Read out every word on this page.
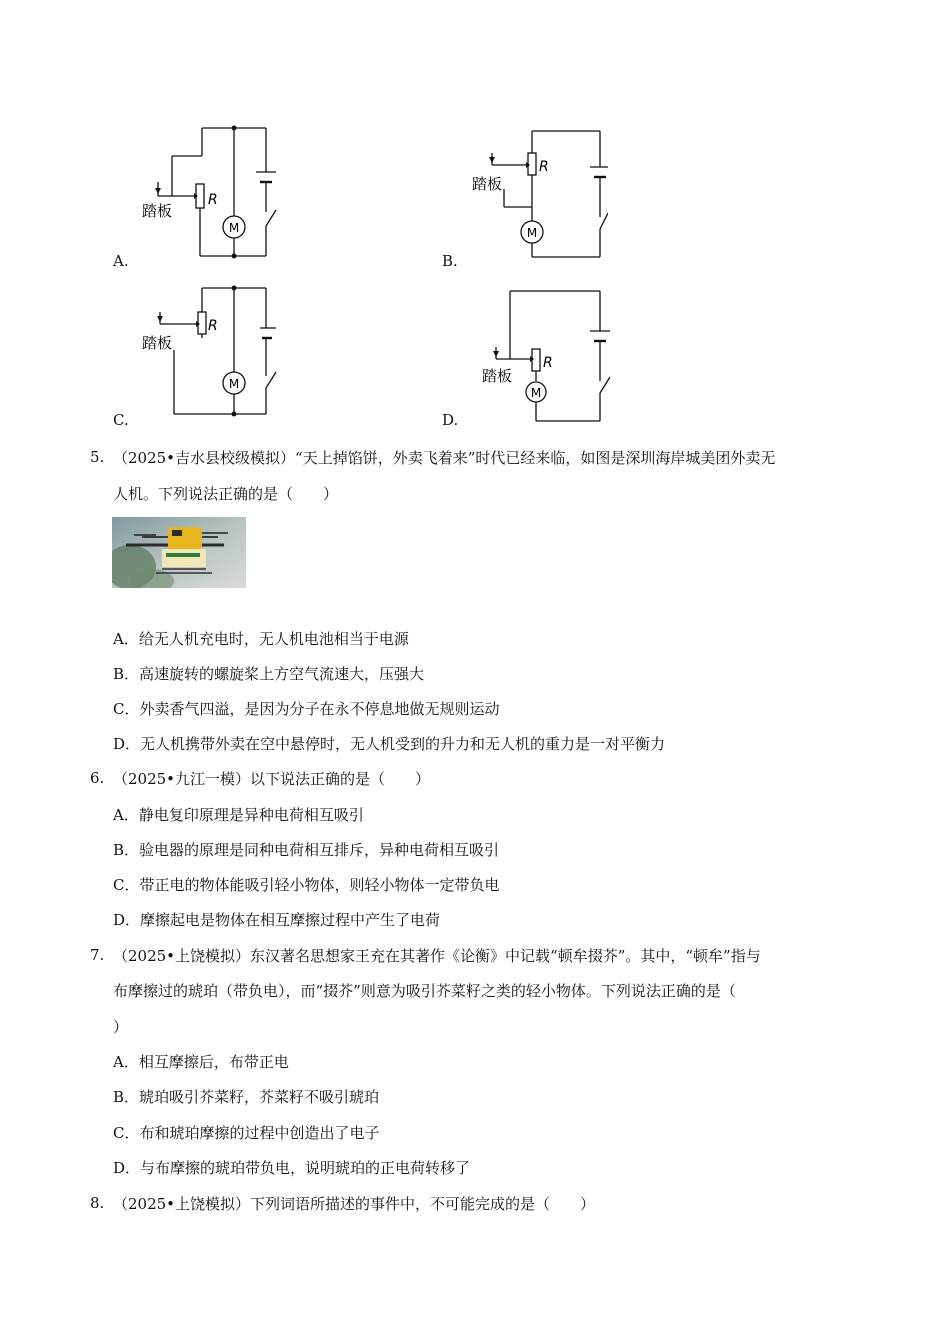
R
M
踏板
A.
R
M
踏板
B.
R
M
踏板
C.
R
M
踏板
D.
5. （2025•吉水县校级模拟）“天上掉馅饼，外卖飞着来”时代已经来临，如图是深圳海岸城美团外卖无
人机。下列说法正确的是（　　）
A．给无人机充电时，无人机电池相当于电源
B．高速旋转的螺旋桨上方空气流速大，压强大
C．外卖香气四溢，是因为分子在永不停息地做无规则运动
D．无人机携带外卖在空中悬停时，无人机受到的升力和无人机的重力是一对平衡力
6. （2025•九江一模）以下说法正确的是（　　）
A．静电复印原理是异种电荷相互吸引
B．验电器的原理是同种电荷相互排斥，异种电荷相互吸引
C．带正电的物体能吸引轻小物体，则轻小物体一定带负电
D．摩擦起电是物体在相互摩擦过程中产生了电荷
7. （2025•上饶模拟）东汉著名思想家王充在其著作《论衡》中记载“顿牟掇芥”。其中，“顿牟”指与
布摩擦过的琥珀（带负电），而“掇芥”则意为吸引芥菜籽之类的轻小物体。下列说法正确的是（
）
A．相互摩擦后，布带正电
B．琥珀吸引芥菜籽，芥菜籽不吸引琥珀
C．布和琥珀摩擦的过程中创造出了电子
D．与布摩擦的琥珀带负电，说明琥珀的正电荷转移了
8. （2025•上饶模拟）下列词语所描述的事件中，不可能完成的是（　　）
